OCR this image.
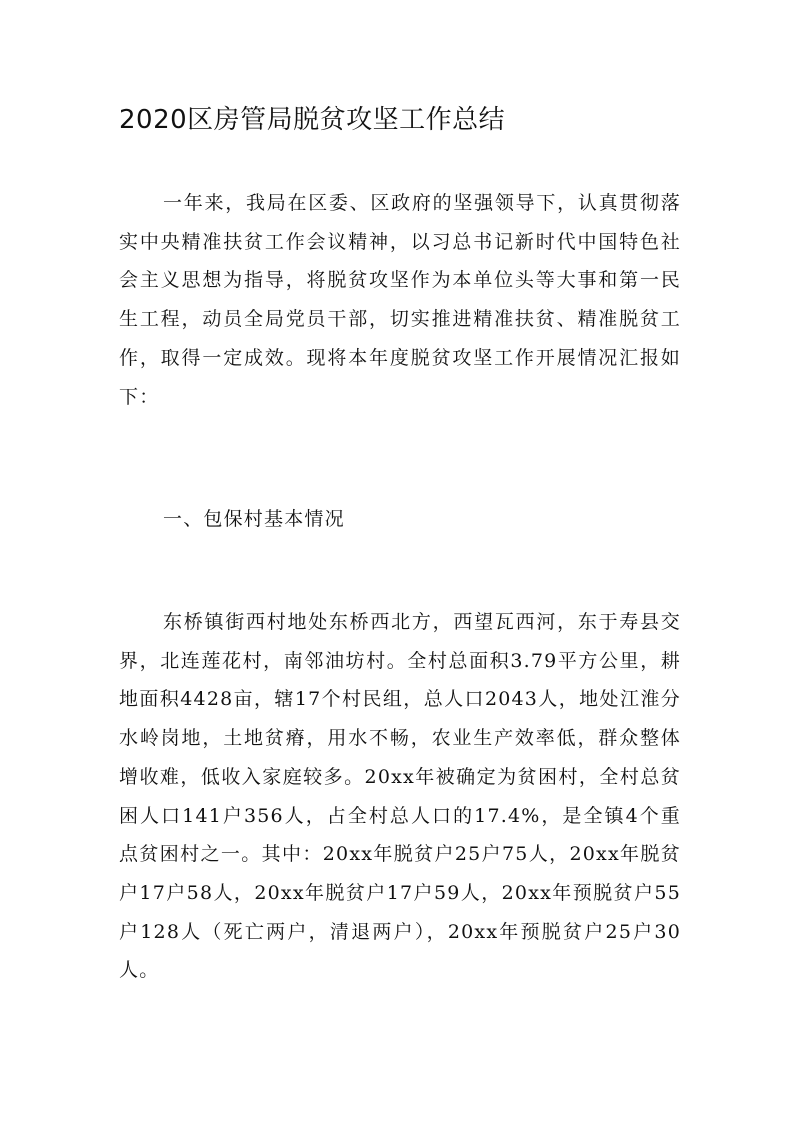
2020区房管局脱贫攻坚工作总结

一年来，我局在区委、区政府的坚强领导下，认真贯彻落实中央精准扶贫工作会议精神，以习总书记新时代中国特色社会主义思想为指导，将脱贫攻坚作为本单位头等大事和第一民生工程，动员全局党员干部，切实推进精准扶贫、精准脱贫工作，取得一定成效。现将本年度脱贫攻坚工作开展情况汇报如下：

一、包保村基本情况

东桥镇街西村地处东桥西北方，西望瓦西河，东于寿县交界，北连莲花村，南邻油坊村。全村总面积3.79平方公里，耕地面积4428亩，辖17个村民组，总人口2043人，地处江淮分水岭岗地，土地贫瘠，用水不畅，农业生产效率低，群众整体增收难，低收入家庭较多。20xx年被确定为贫困村，全村总贫困人口141户356人，占全村总人口的17.4%，是全镇4个重点贫困村之一。其中：20xx年脱贫户25户75人，20xx年脱贫户17户58人，20xx年脱贫户17户59人，20xx年预脱贫户55户128人（死亡两户，清退两户），20xx年预脱贫户25户30人。
